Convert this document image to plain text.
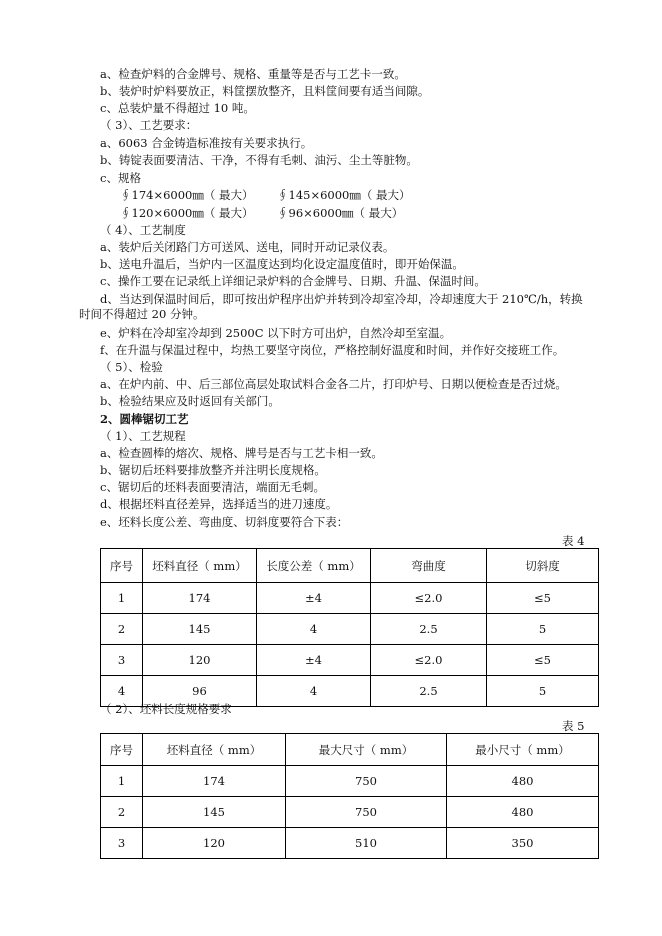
a、检查炉料的合金牌号、规格、重量等是否与工艺卡一致。
b、装炉时炉料要放正，料筐摆放整齐，且料筐间要有适当间隙。
c、总装炉量不得超过 10 吨。
（ 3）、工艺要求：
a、6063 合金铸造标准按有关要求执行。
b、铸锭表面要清洁、干净，不得有毛刺、油污、尘土等脏物。
c、规格
∮174×6000㎜（ 最大） ∮145×6000㎜（ 最大）
∮120×6000㎜（ 最大） ∮96×6000㎜（ 最大）
（ 4）、工艺制度
a、装炉后关闭路门方可送风、送电，同时开动记录仪表。
b、送电升温后，当炉内一区温度达到均化设定温度值时，即开始保温。
c、操作工要在记录纸上详细记录炉料的合金牌号、日期、升温、保温时间。
d、当达到保温时间后，即可按出炉程序出炉并转到冷却室冷却，冷却速度大于 210℃/h，转换
时间不得超过 20 分钟。
e、炉料在冷却室冷却到 2500C 以下时方可出炉，自然冷却至室温。
f、在升温与保温过程中，均热工要坚守岗位，严格控制好温度和时间，并作好交接班工作。
（ 5）、检验
a、在炉内前、中、后三部位高层处取试料合金各二片，打印炉号、日期以便检查是否过烧。
b、检验结果应及时返回有关部门。
2、圆棒锯切工艺
（ 1）、工艺规程
a、检查圆棒的熔次、规格、牌号是否与工艺卡相一致。
b、锯切后坯料要排放整齐并注明长度规格。
c、锯切后的坯料表面要清洁，端面无毛刺。
d、根据坯料直径差异，选择适当的进刀速度。
e、坯料长度公差、弯曲度、切斜度要符合下表：
表 4
序号	坯料直径（ mm）	长度公差（ mm）	弯曲度	切斜度
1	174	±4	≤2.0	≤5
2	145	4	2.5	5
3	120	±4	≤2.0	≤5
4	96	4	2.5	5
（ 2）、坯料长度规格要求
表 5
序号	坯料直径（ mm）	最大尺寸（ mm）	最小尺寸（ mm）
1	174	750	480
2	145	750	480
3	120	510	350
